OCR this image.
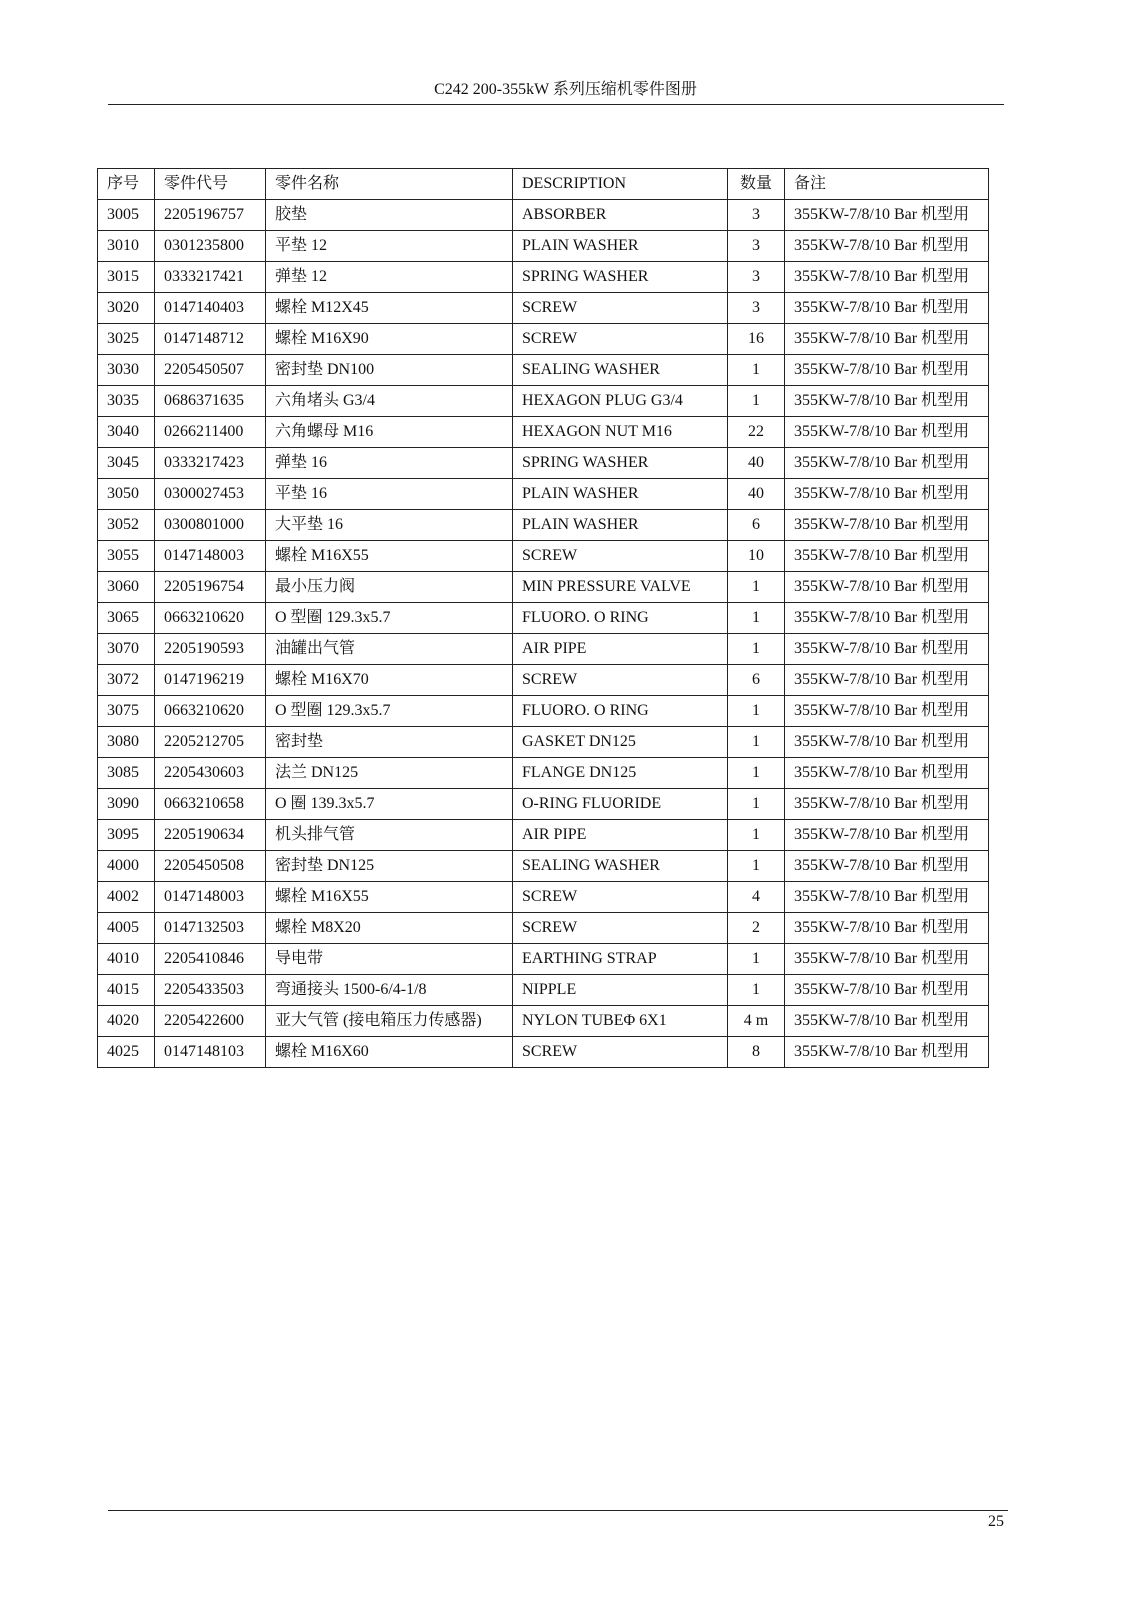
C242 200-355kW 系列压缩机零件图册
序号	零件代号	零件名称	DESCRIPTION	数量	备注
3005	2205196757	胶垫	ABSORBER	3	355KW-7/8/10 Bar 机型用
3010	0301235800	平垫 12	PLAIN WASHER	3	355KW-7/8/10 Bar 机型用
3015	0333217421	弹垫 12	SPRING WASHER	3	355KW-7/8/10 Bar 机型用
3020	0147140403	螺栓 M12X45	SCREW	3	355KW-7/8/10 Bar 机型用
3025	0147148712	螺栓 M16X90	SCREW	16	355KW-7/8/10 Bar 机型用
3030	2205450507	密封垫 DN100	SEALING WASHER	1	355KW-7/8/10 Bar 机型用
3035	0686371635	六角堵头 G3/4	HEXAGON PLUG G3/4	1	355KW-7/8/10 Bar 机型用
3040	0266211400	六角螺母 M16	HEXAGON NUT M16	22	355KW-7/8/10 Bar 机型用
3045	0333217423	弹垫 16	SPRING WASHER	40	355KW-7/8/10 Bar 机型用
3050	0300027453	平垫 16	PLAIN WASHER	40	355KW-7/8/10 Bar 机型用
3052	0300801000	大平垫 16	PLAIN WASHER	6	355KW-7/8/10 Bar 机型用
3055	0147148003	螺栓 M16X55	SCREW	10	355KW-7/8/10 Bar 机型用
3060	2205196754	最小压力阀	MIN PRESSURE VALVE	1	355KW-7/8/10 Bar 机型用
3065	0663210620	O 型圈 129.3x5.7	FLUORO. O RING	1	355KW-7/8/10 Bar 机型用
3070	2205190593	油罐出气管	AIR PIPE	1	355KW-7/8/10 Bar 机型用
3072	0147196219	螺栓 M16X70	SCREW	6	355KW-7/8/10 Bar 机型用
3075	0663210620	O 型圈 129.3x5.7	FLUORO. O RING	1	355KW-7/8/10 Bar 机型用
3080	2205212705	密封垫	GASKET DN125	1	355KW-7/8/10 Bar 机型用
3085	2205430603	法兰 DN125	FLANGE DN125	1	355KW-7/8/10 Bar 机型用
3090	0663210658	O 圈 139.3x5.7	O-RING FLUORIDE	1	355KW-7/8/10 Bar 机型用
3095	2205190634	机头排气管	AIR PIPE	1	355KW-7/8/10 Bar 机型用
4000	2205450508	密封垫 DN125	SEALING WASHER	1	355KW-7/8/10 Bar 机型用
4002	0147148003	螺栓 M16X55	SCREW	4	355KW-7/8/10 Bar 机型用
4005	0147132503	螺栓 M8X20	SCREW	2	355KW-7/8/10 Bar 机型用
4010	2205410846	导电带	EARTHING STRAP	1	355KW-7/8/10 Bar 机型用
4015	2205433503	弯通接头 1500-6/4-1/8	NIPPLE	1	355KW-7/8/10 Bar 机型用
4020	2205422600	亚大气管 (接电箱压力传感器)	NYLON TUBEΦ 6X1	4 m	355KW-7/8/10 Bar 机型用
4025	0147148103	螺栓 M16X60	SCREW	8	355KW-7/8/10 Bar 机型用
25
